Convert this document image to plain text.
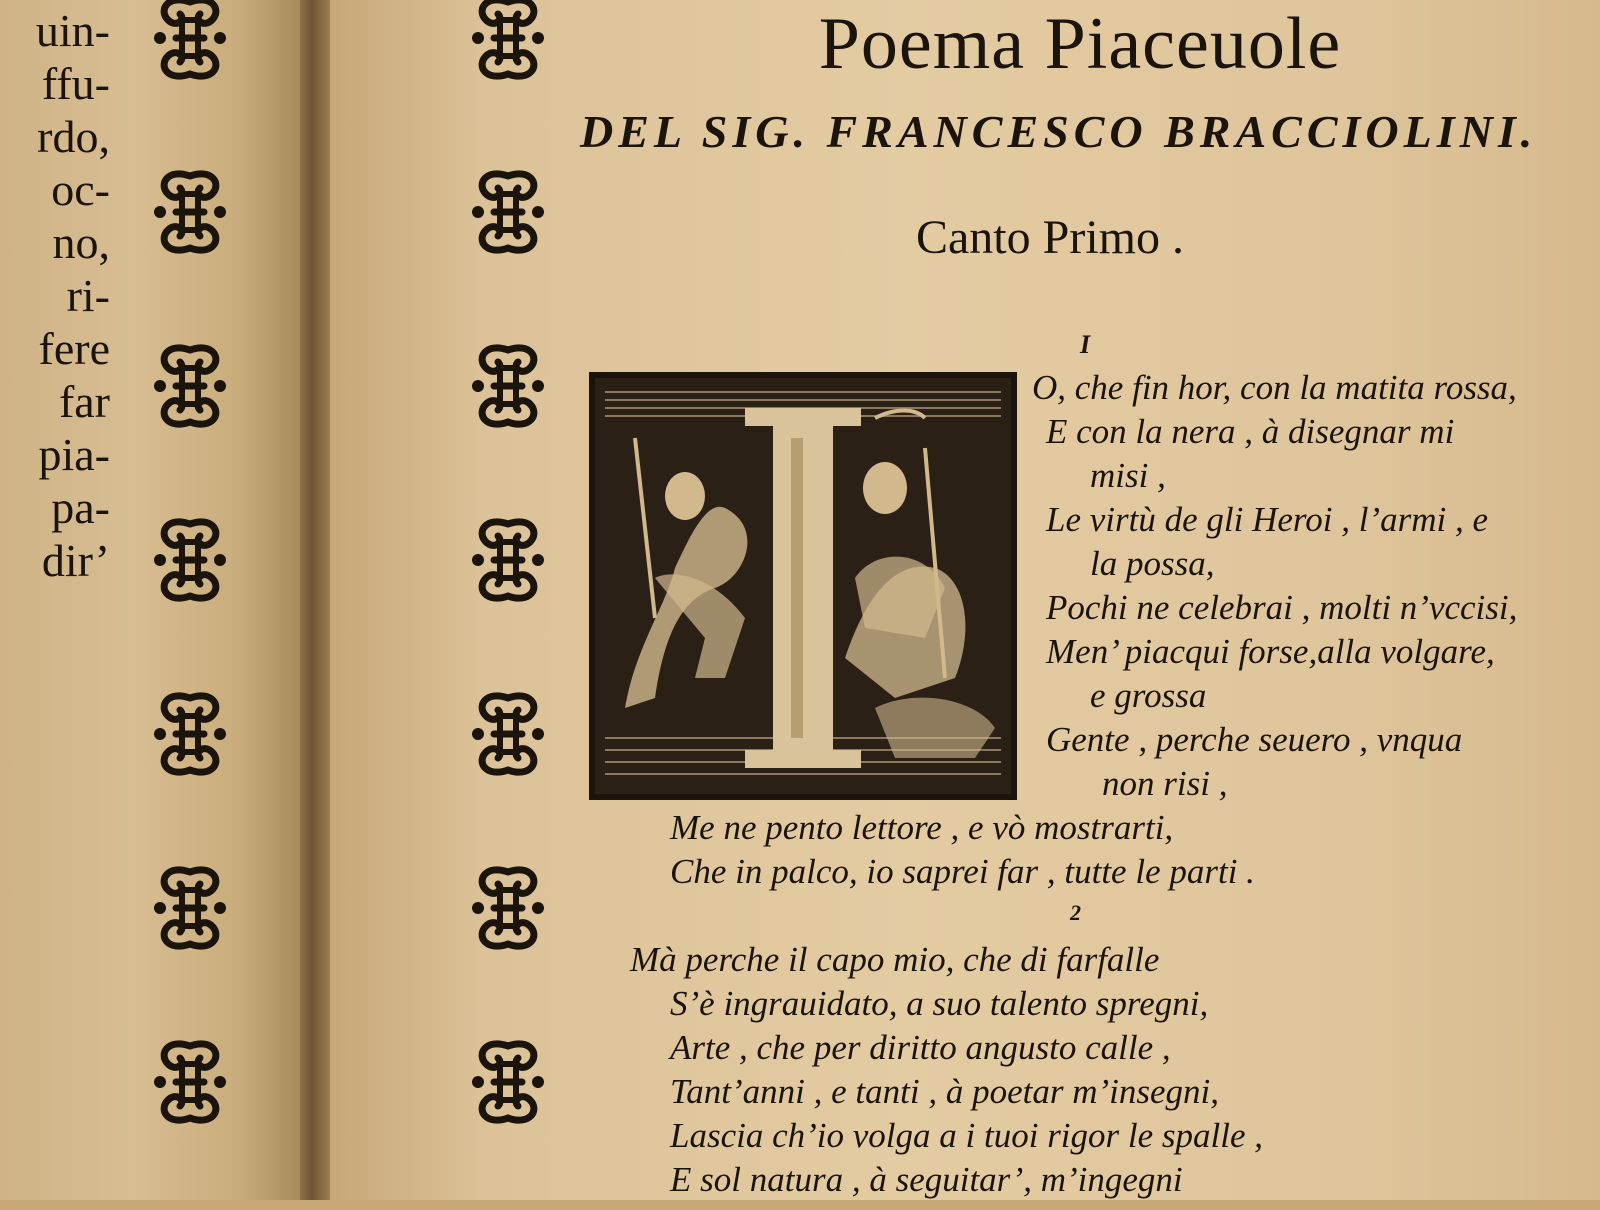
uin-
ffu-
rdo,
oc-
no,
ri-
fere
far
pia-
pa-
dir’
Poema Piaceuole
DEL SIG. FRANCESCO BRACCIOLINI.
Canto Primo .
I
O, che fin hor, con la matita rossa,
E con la nera , à disegnar mi
misi ,
Le virtù de gli Heroi , l’armi , e
la possa,
Pochi ne celebrai , molti n’vccisi,
Men’ piacqui forse,alla volgare,
e grossa
Gente , perche seuero , vnqua
non risi ,
Me ne pento lettore , e vò mostrarti,
Che in palco, io saprei far , tutte le parti .
2
Mà perche il capo mio, che di farfalle
S’è ingrauidato, a suo talento spregni,
Arte , che per diritto angusto calle ,
Tant’anni , e tanti , à poetar m’insegni,
Lascia ch’io volga a i tuoi rigor le spalle ,
E sol natura , à seguitar’, m’ingegni
